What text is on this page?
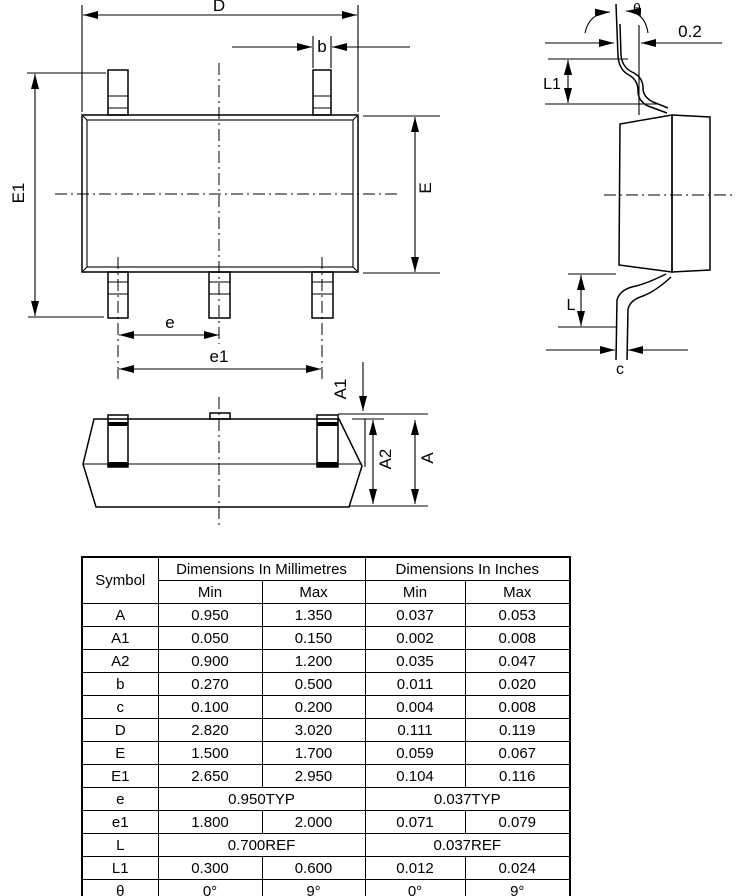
D
b
E1	E
e
e1
A1
A2 A
θ
0.2
L1
L
c
Symbol	Dimensions In Millimetres		Dimensions In Inches	
	Min	Max	Min	Max
A	0.950	1.350	0.037	0.053
A1	0.050	0.150	0.002	0.008
A2	0.900	1.200	0.035	0.047
b	0.270	0.500	0.011	0.020
c	0.100	0.200	0.004	0.008
D	2.820	3.020	0.111	0.119
E	1.500	1.700	0.059	0.067
E1	2.650	2.950	0.104	0.116
e	0.950TYP		0.037TYP	
e1	1.800	2.000	0.071	0.079
L	0.700REF		0.037REF	
L1	0.300	0.600	0.012	0.024
θ	0°	9°	0°	9°
